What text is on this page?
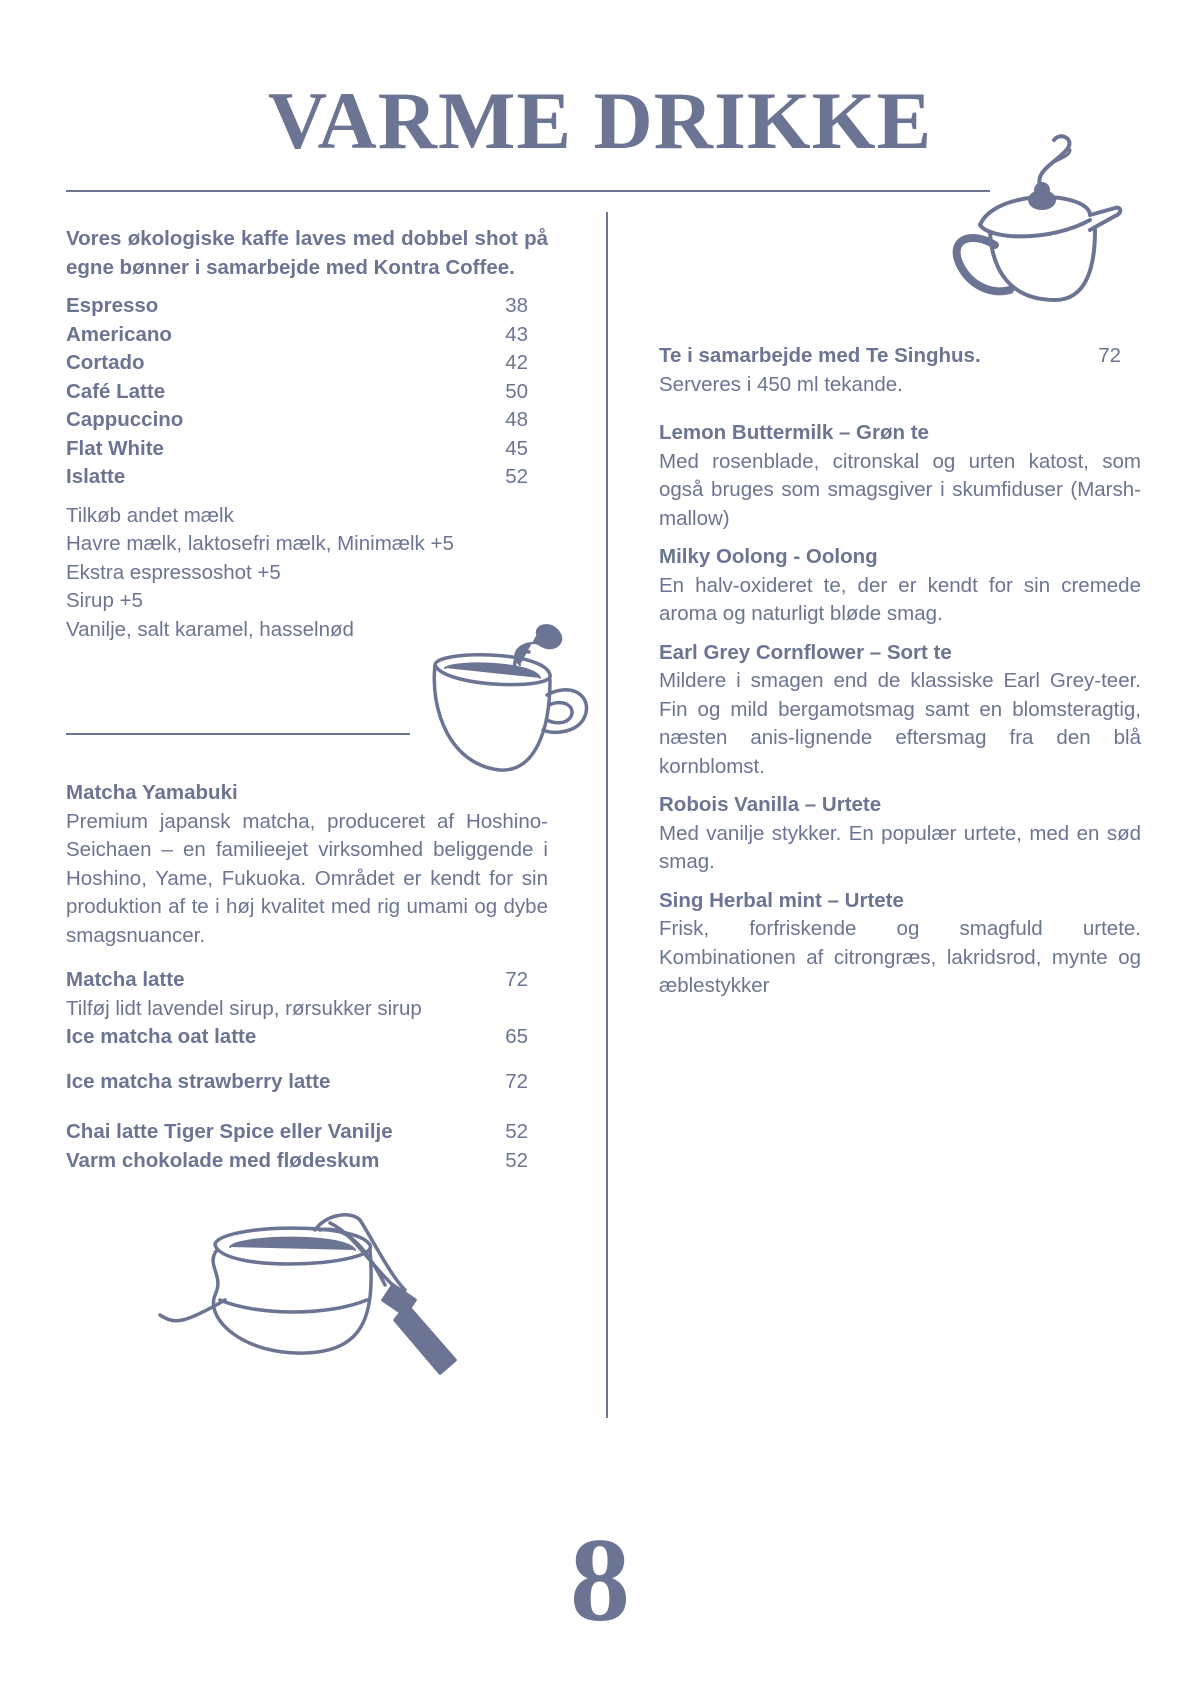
VARME DRIKKE

Vores økologiske kaffe laves med dobbel shot på egne bønner i samarbejde med Kontra Coffee.

Espresso	38
Americano	43
Cortado	42
Café Latte	50
Cappuccino	48
Flat White	45
Islatte	52

Tilkøb andet mælk

Havre mælk, laktosefri mælk, Minimælk +5

Ekstra espressoshot +5

Sirup +5

Vanilje, salt karamel, hasselnød

Matcha Yamabuki

Premium japansk matcha, produceret af Hoshino-Seichaen – en familieejet virksomhed beliggende i Hoshino, Yame, Fukuoka. Området er kendt for sin produktion af te i høj kvalitet med rig umami og dybe smagsnuancer.

Matcha latte	72

Tilføj lidt lavendel sirup, rørsukker sirup

Ice matcha oat latte	65
Ice matcha strawberry latte	72
Chai latte Tiger Spice eller Vanilje	52
Varm chokolade med flødeskum	52
Te i samarbejde med Te Singhus.	72

Serveres i 450 ml tekande.

Lemon Buttermilk – Grøn te

Med rosenblade, citronskal og urten katost, som også bruges som smagsgiver i skumfiduser (Marsh-mallow)

Milky Oolong - Oolong

En halv-oxideret te, der er kendt for sin cremede aroma og naturligt bløde smag.

Earl Grey Cornflower – Sort te

Mildere i smagen end de klassiske Earl Grey-teer. Fin og mild bergamotsmag samt en blomsteragtig, næsten anis-lignende eftersmag fra den blå kornblomst.

Robois Vanilla – Urtete

Med vanilje stykker. En populær urtete, med en sød smag.

Sing Herbal mint – Urtete

Frisk, forfriskende og smagfuld urtete. Kombinationen af citrongræs, lakridsrod, mynte og æblestykker

8
